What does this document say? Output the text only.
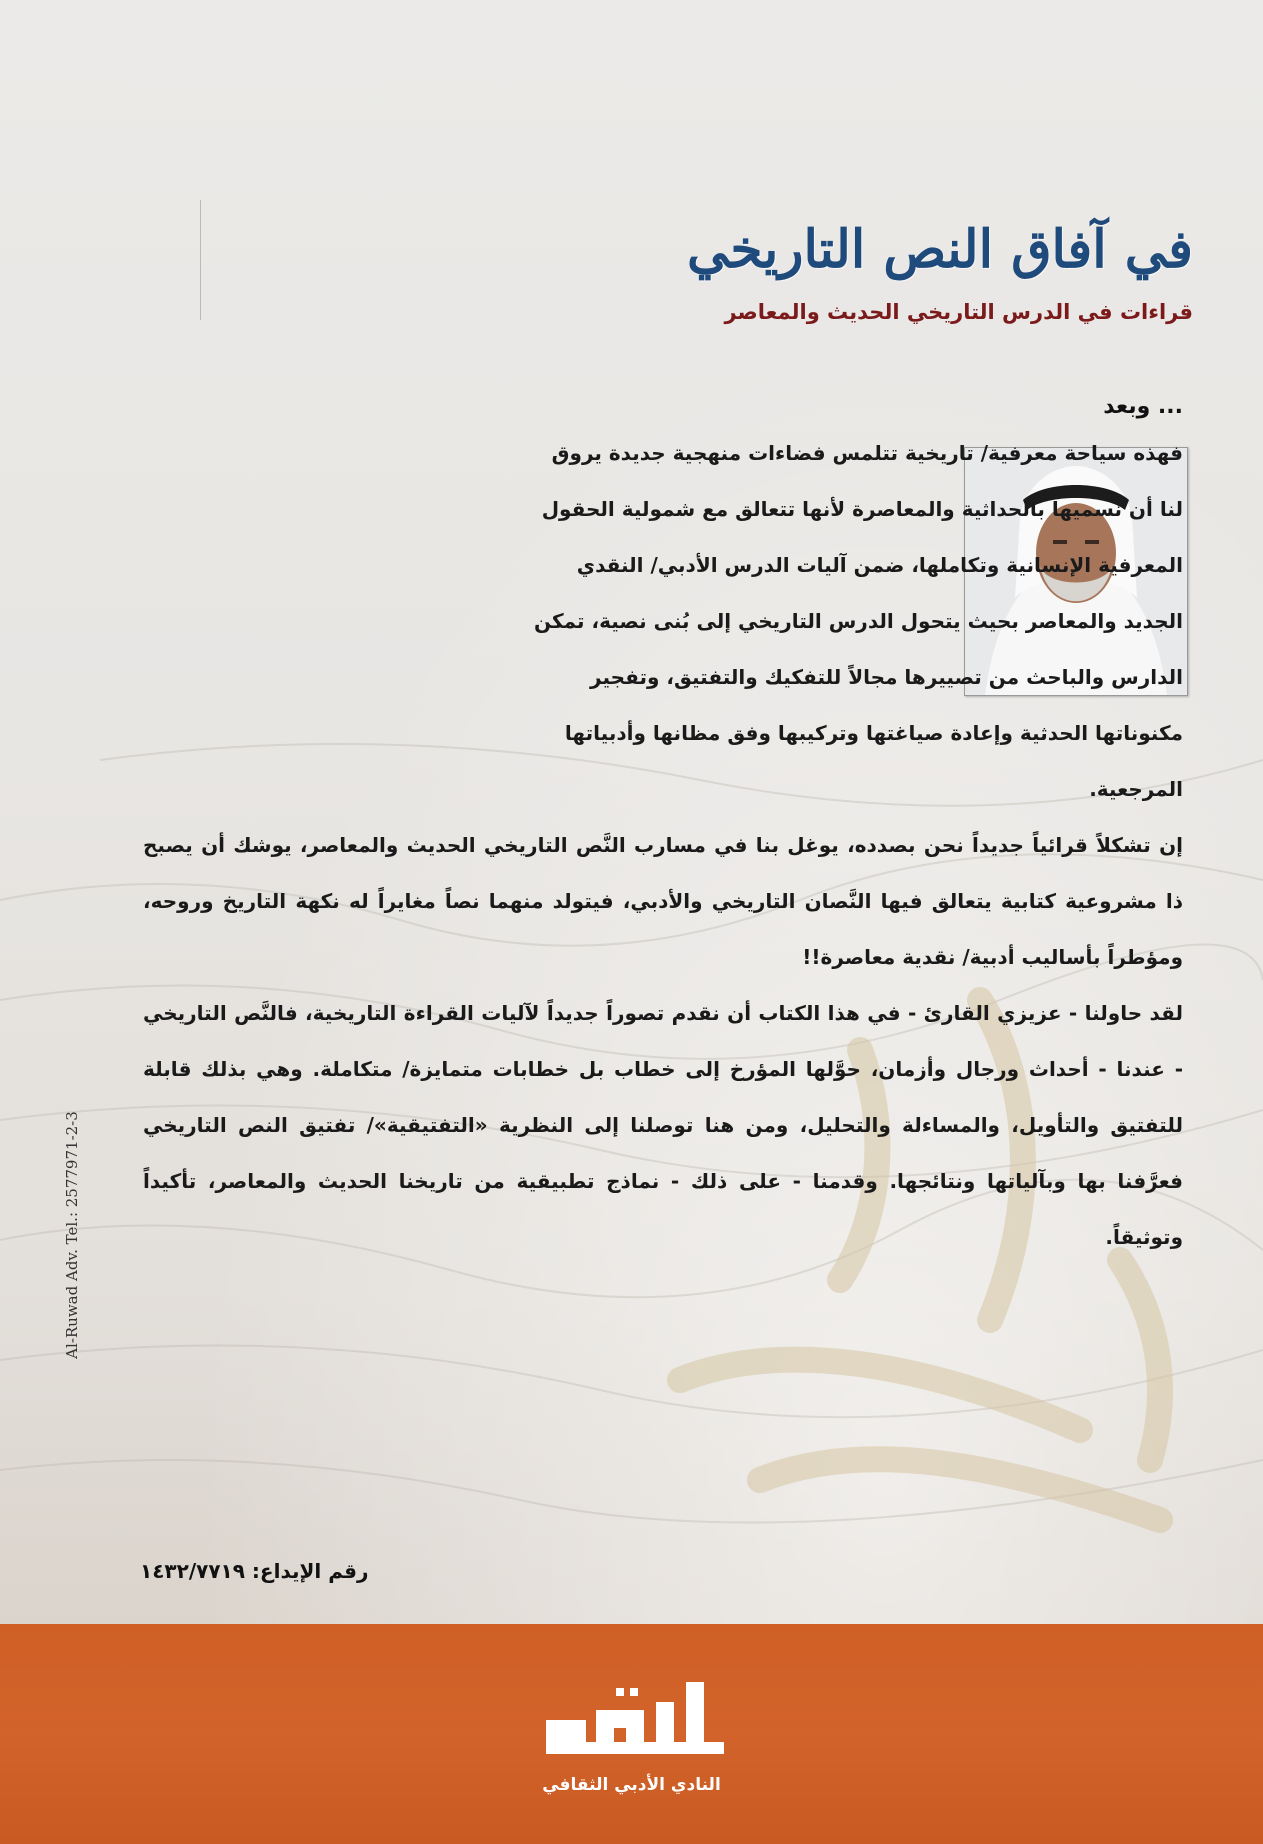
في آفاق النص التاريخي
قراءات في الدرس التاريخي الحديث والمعاصر
... وبعد
فهذه سياحة معرفية/ تاريخية تتلمس فضاءات منهجية جديدة يروق
لنا أن نسميها بالحداثية والمعاصرة لأنها تتعالق مع شمولية الحقول
المعرفية الإنسانية وتكاملها، ضمن آليات الدرس الأدبي/ النقدي
الجديد والمعاصر بحيث يتحول الدرس التاريخي إلى بُنى نصية، تمكن
الدارس والباحث من تصييرها مجالاً للتفكيك والتفتيق، وتفجير
مكنوناتها الحدثية وإعادة صياغتها وتركيبها وفق مظانها وأدبياتها
المرجعية.

إن تشكلاً قرائياً جديداً نحن بصدده، يوغل بنا في مسارب النَّص التاريخي الحديث والمعاصر، يوشك أن يصبح ذا مشروعية كتابية يتعالق فيها النَّصان التاريخي والأدبي، فيتولد منهما نصاً مغايراً له نكهة التاريخ وروحه، ومؤطراً بأساليب أدبية/ نقدية معاصرة!!

لقد حاولنا - عزيزي القارئ - في هذا الكتاب أن نقدم تصوراً جديداً لآليات القراءة التاريخية، فالنَّص التاريخي - عندنا - أحداث ورجال وأزمان، حوَّلها المؤرخ إلى خطاب بل خطابات متمايزة/ متكاملة. وهي بذلك قابلة للتفتيق والتأويل، والمساءلة والتحليل، ومن هنا توصلنا إلى النظرية «التفتيقية»/ تفتيق النص التاريخي فعرَّفنا بها وبآلياتها ونتائجها. وقدمنا - على ذلك - نماذج تطبيقية من تاريخنا الحديث والمعاصر، تأكيداً وتوثيقاً.

Al-Ruwad Adv. Tel.: 2577971-2-3
رقم الإيداع: ١٤٣٢/٧٧١٩
النادي الأدبي الثقافي
